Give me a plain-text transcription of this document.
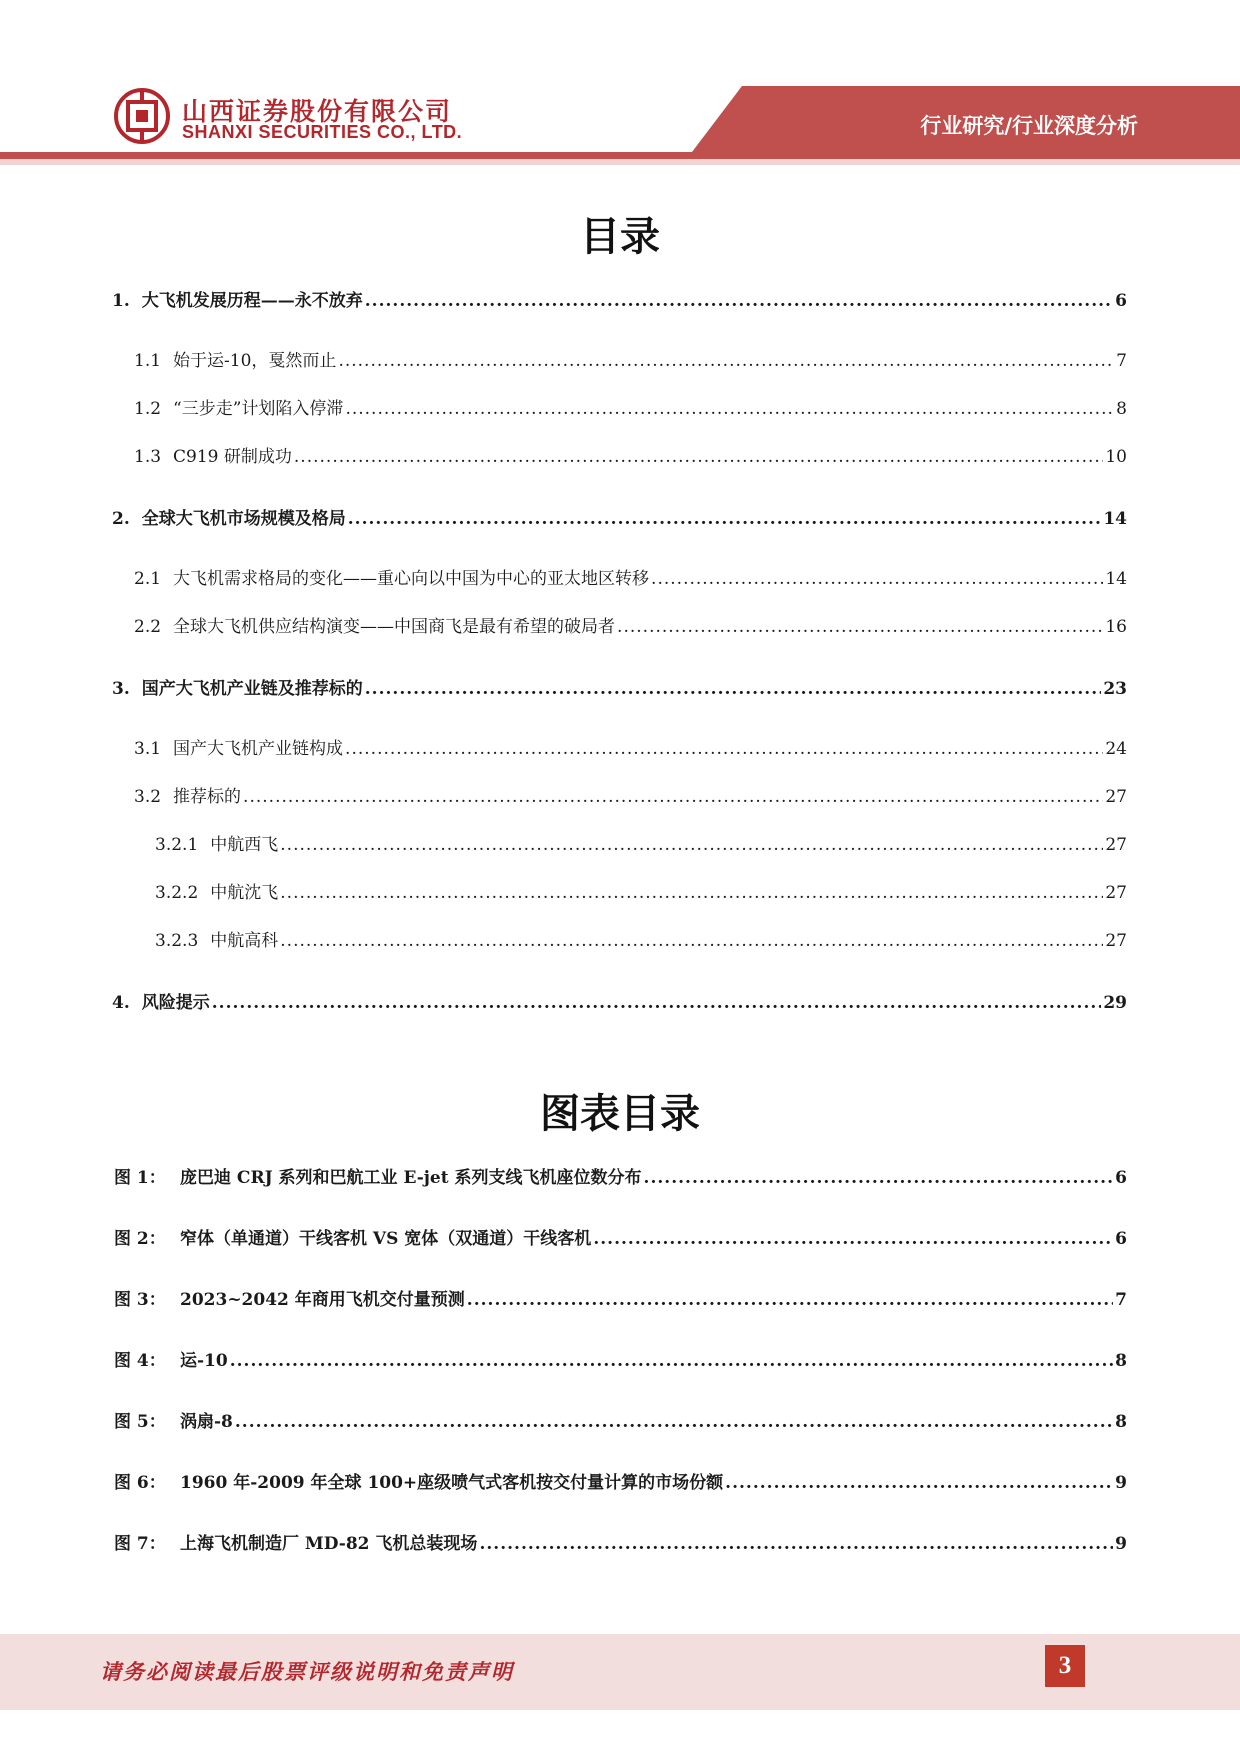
山西证券股份有限公司
SHANXI SECURITIES CO., LTD.	行业研究/行业深度分析
目录
1. 大飞机发展历程——永不放弃 .....	6
1.1 始于运-10，戛然而止 .....	7
1.2 “三步走”计划陷入停滞 .....	8
1.3 C919 研制成功 .....	10
2. 全球大飞机市场规模及格局 .....	14
2.1 大飞机需求格局的变化——重心向以中国为中心的亚太地区转移 .....	14
2.2 全球大飞机供应结构演变——中国商飞是最有希望的破局者 .....	16
3. 国产大飞机产业链及推荐标的 .....	23
3.1 国产大飞机产业链构成 .....	24
3.2 推荐标的 .....	27
3.2.1 中航西飞 .....	27
3.2.2 中航沈飞 .....	27
3.2.3 中航高科 .....	27
4. 风险提示 .....	29
图表目录
图 1： 庞巴迪 CRJ 系列和巴航工业 E-jet 系列支线飞机座位数分布 .....	6
图 2： 窄体（单通道）干线客机 VS 宽体（双通道）干线客机 .....	6
图 3： 2023~2042 年商用飞机交付量预测 .....	7
图 4： 运-10 .....	8
图 5： 涡扇-8 .....	8
图 6： 1960 年-2009 年全球 100+座级喷气式客机按交付量计算的市场份额 .....	9
图 7： 上海飞机制造厂 MD-82 飞机总装现场 .....	9
请务必阅读最后股票评级说明和免责声明	3
